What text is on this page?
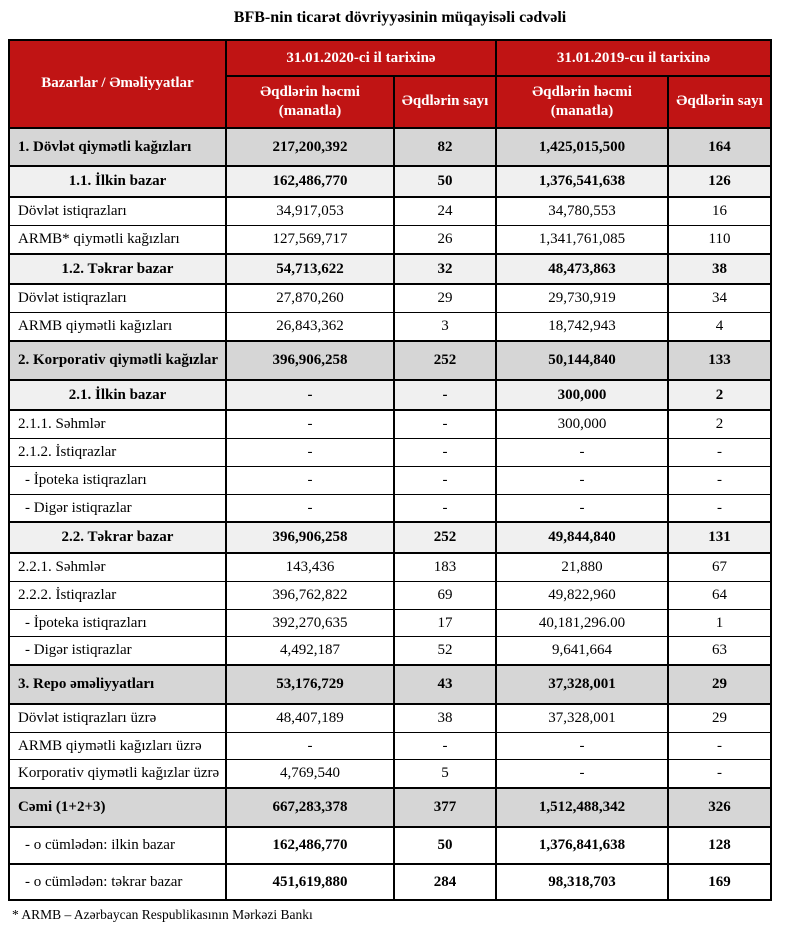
BFB-nin ticarət dövriyyəsinin müqayisəli cədvəli
Bazarlar / Əməliyyatlar	31.01.2020-ci il tarixinə		31.01.2019-cu il tarixinə	
	Əqdlərin həcmi (manatla)	Əqdlərin sayı	Əqdlərin həcmi (manatla)	Əqdlərin sayı
1. Dövlət qiymətli kağızları	217,200,392	82	1,425,015,500	164
1.1. İlkin bazar	162,486,770	50	1,376,541,638	126
Dövlət istiqrazları	34,917,053	24	34,780,553	16
ARMB* qiymətli kağızları	127,569,717	26	1,341,761,085	110
1.2. Təkrar bazar	54,713,622	32	48,473,863	38
Dövlət istiqrazları	27,870,260	29	29,730,919	34
ARMB qiymətli kağızları	26,843,362	3	18,742,943	4
2. Korporativ qiymətli kağızlar	396,906,258	252	50,144,840	133
2.1. İlkin bazar	-	-	300,000	2
2.1.1. Səhmlər	-	-	300,000	2
2.1.2. İstiqrazlar	-	-	-	-
- İpoteka istiqrazları	-	-	-	-
- Digər istiqrazlar	-	-	-	-
2.2. Təkrar bazar	396,906,258	252	49,844,840	131
2.2.1. Səhmlər	143,436	183	21,880	67
2.2.2. İstiqrazlar	396,762,822	69	49,822,960	64
- İpoteka istiqrazları	392,270,635	17	40,181,296.00	1
- Digər istiqrazlar	4,492,187	52	9,641,664	63
3. Repo əməliyyatları	53,176,729	43	37,328,001	29
Dövlət istiqrazları üzrə	48,407,189	38	37,328,001	29
ARMB qiymətli kağızları üzrə	-	-	-	-
Korporativ qiymətli kağızlar üzrə	4,769,540	5	-	-
Cəmi (1+2+3)	667,283,378	377	1,512,488,342	326
- o cümlədən: ilkin bazar	162,486,770	50	1,376,841,638	128
- o cümlədən: təkrar bazar	451,619,880	284	98,318,703	169
* ARMB – Azərbaycan Respublikasının Mərkəzi Bankı
